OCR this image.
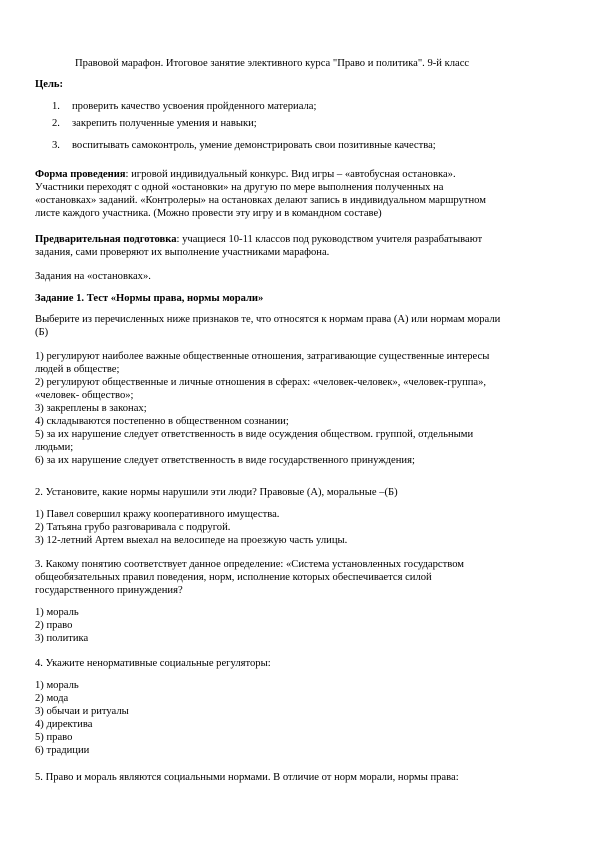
Правовой марафон. Итоговое занятие элективного курса "Право и политика". 9-й класс
Цель:
1. проверить качество усвоения пройденного материала;
2. закрепить полученные умения и навыки;
3. воспитывать самоконтроль, умение демонстрировать свои позитивные качества;
Форма проведения: игровой индивидуальный конкурс. Вид игры – «автобусная остановка».
Участники переходят с одной «остановки» на другую по мере выполнения полученных на
«остановках» заданий. «Контролеры» на остановках делают запись в индивидуальном маршрутном
листе каждого участника. (Можно провести эту игру и в командном составе)
Предварительная подготовка: учащиеся 10-11 классов под руководством учителя разрабатывают
задания, сами проверяют их выполнение участниками марафона.
Задания на «остановках».
Задание 1. Тест «Нормы права, нормы морали»
Выберите из перечисленных ниже признаков те, что относятся к нормам права (А) или нормам морали
(Б)
1) регулируют наиболее важные общественные отношения, затрагивающие существенные интересы
людей в обществе;
2) регулируют общественные и личные отношения в сферах: «человек-человек», «человек-группа»,
«человек- общество»;
3) закреплены в законах;
4) складываются постепенно в общественном сознании;
5) за их нарушение следует ответственность в виде осуждения обществом. группой, отдельными
людьми;
6) за их нарушение следует ответственность в виде государственного принуждения;
2. Установите, какие нормы нарушили эти люди? Правовые (А), моральные –(Б)
1) Павел совершил кражу кооперативного имущества.
2) Татьяна грубо разговаривала с подругой.
3) 12-летний Артем выехал на велосипеде на проезжую часть улицы.
3. Какому понятию соответствует данное определение: «Система установленных государством
общеобязательных правил поведения, норм, исполнение которых обеспечивается силой
государственного принуждения?
1) мораль
2) право
3) политика
4. Укажите ненормативные социальные регуляторы:
1) мораль
2) мода
3) обычаи и ритуалы
4) директива
5) право
6) традиции
5. Право и мораль являются социальными нормами. В отличие от норм морали, нормы права:
